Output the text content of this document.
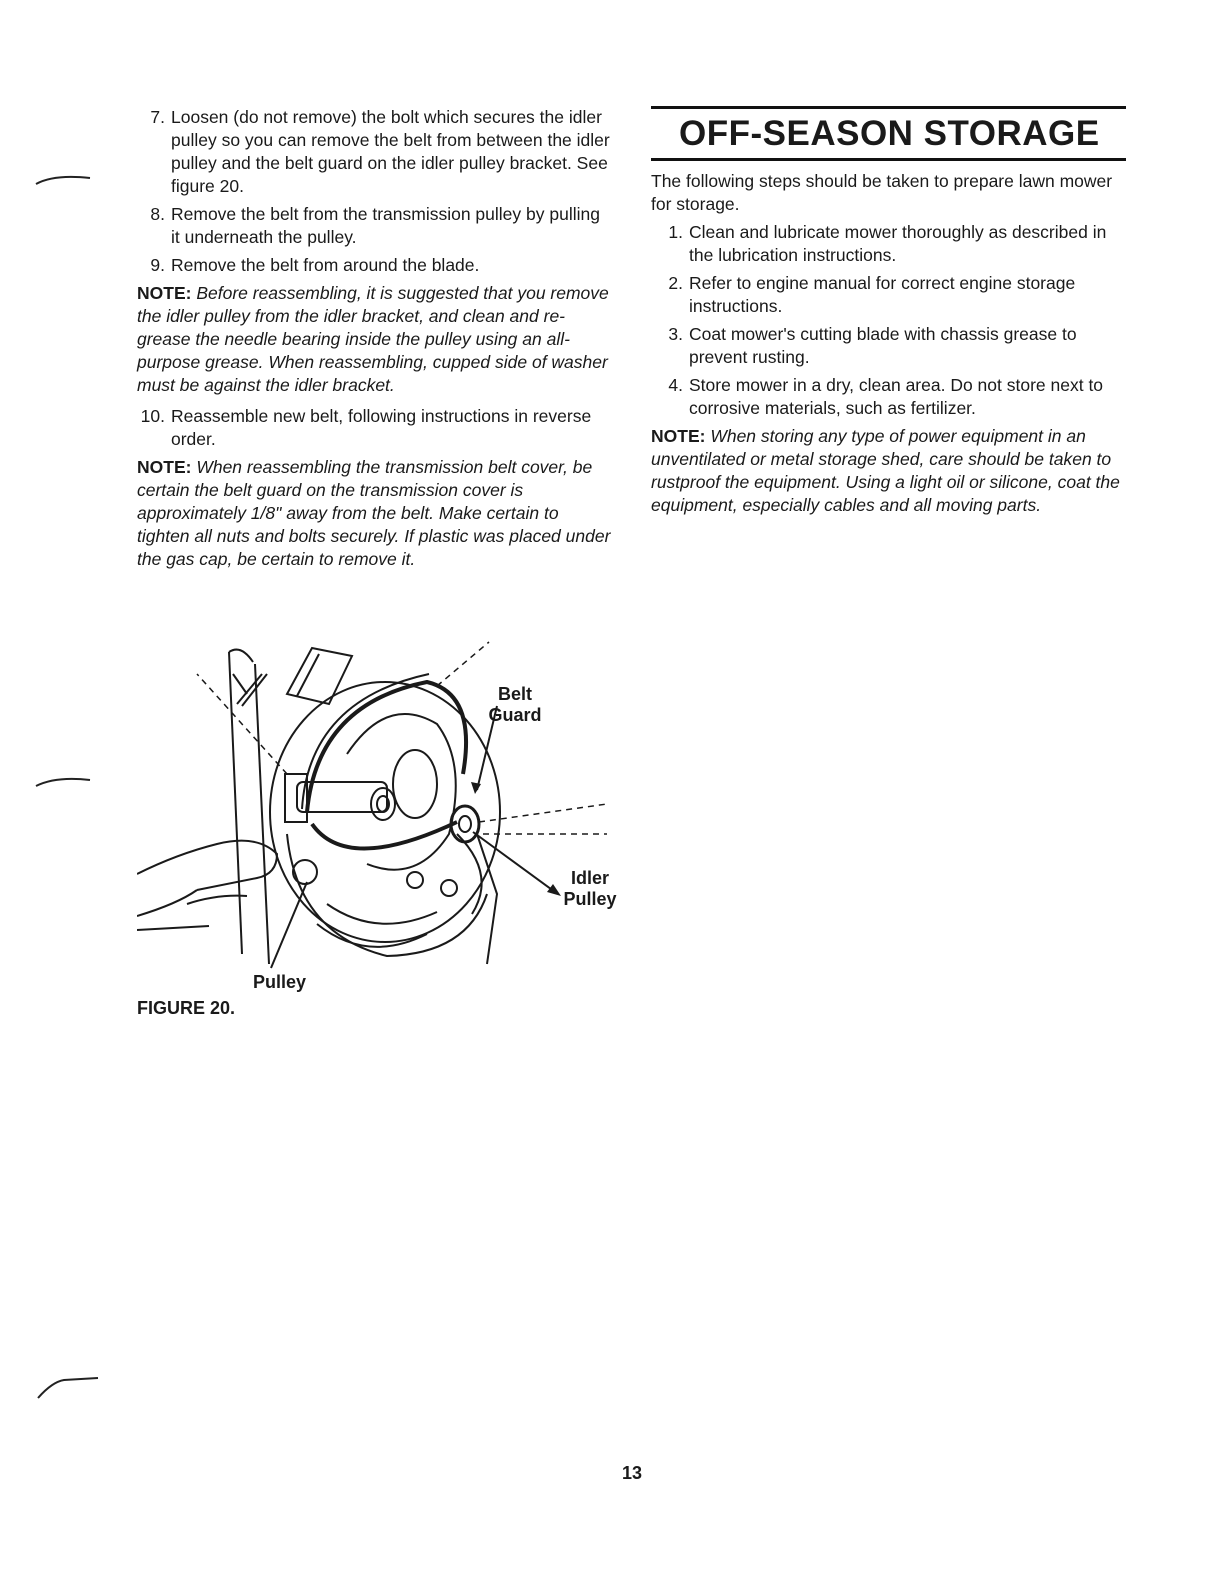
7. Loosen (do not remove) the bolt which secures the idler pulley so you can remove the belt from between the idler pulley and the belt guard on the idler pulley bracket. See figure 20.
8. Remove the belt from the transmission pulley by pulling it underneath the pulley.
9. Remove the belt from around the blade.
NOTE: Before reassembling, it is suggested that you remove the idler pulley from the idler bracket, and clean and re-grease the needle bearing inside the pulley using an all-purpose grease. When reassembling, cupped side of washer must be against the idler bracket.
10. Reassemble new belt, following instructions in reverse order.
NOTE: When reassembling the transmission belt cover, be certain the belt guard on the transmission cover is approximately 1/8" away from the belt. Make certain to tighten all nuts and bolts securely. If plastic was placed under the gas cap, be certain to remove it.
Belt
Guard
Idler
Pulley
Pulley
FIGURE 20.
OFF-SEASON STORAGE
The following steps should be taken to prepare lawn mower for storage.
1. Clean and lubricate mower thoroughly as described in the lubrication instructions.
2. Refer to engine manual for correct engine storage instructions.
3. Coat mower's cutting blade with chassis grease to prevent rusting.
4. Store mower in a dry, clean area. Do not store next to corrosive materials, such as fertilizer.
NOTE: When storing any type of power equipment in an unventilated or metal storage shed, care should be taken to rustproof the equipment. Using a light oil or silicone, coat the equipment, especially cables and all moving parts.
13
